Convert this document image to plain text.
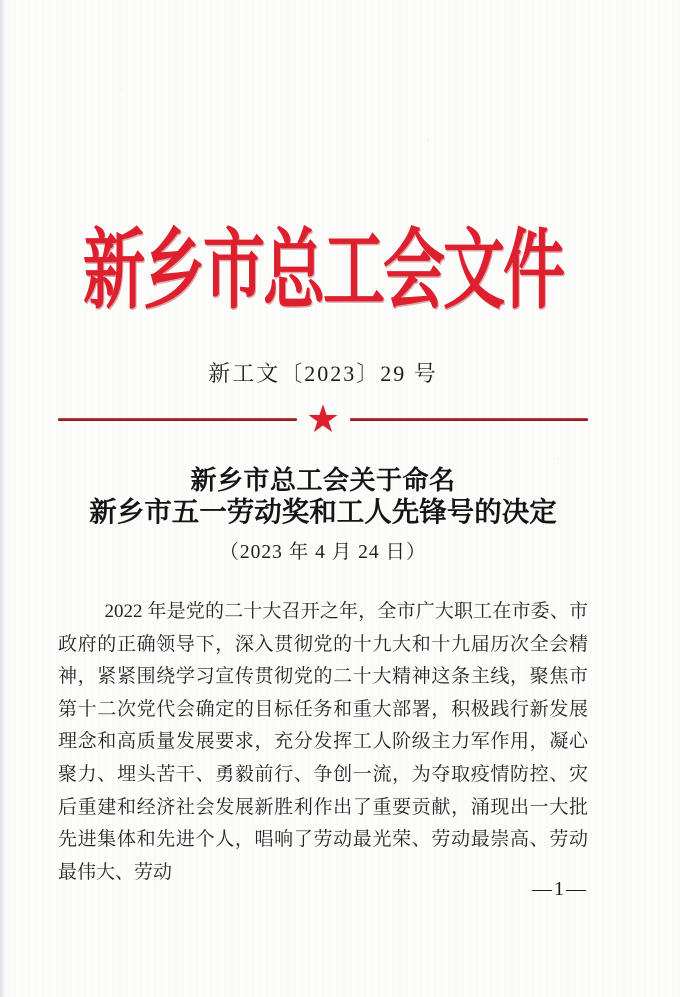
新乡市总工会文件
新工文〔2023〕29 号
★
新乡市总工会关于命名
新乡市五一劳动奖和工人先锋号的决定
（2023 年 4 月 24 日）
2022 年是党的二十大召开之年，全市广大职工在市委、市政府的正确领导下，深入贯彻党的十九大和十九届历次全会精神，紧紧围绕学习宣传贯彻党的二十大精神这条主线，聚焦市第十二次党代会确定的目标任务和重大部署，积极践行新发展理念和高质量发展要求，充分发挥工人阶级主力军作用，凝心聚力、埋头苦干、勇毅前行、争创一流，为夺取疫情防控、灾后重建和经济社会发展新胜利作出了重要贡献，涌现出一大批先进集体和先进个人，唱响了劳动最光荣、劳动最崇高、劳动最伟大、劳动
—1—
